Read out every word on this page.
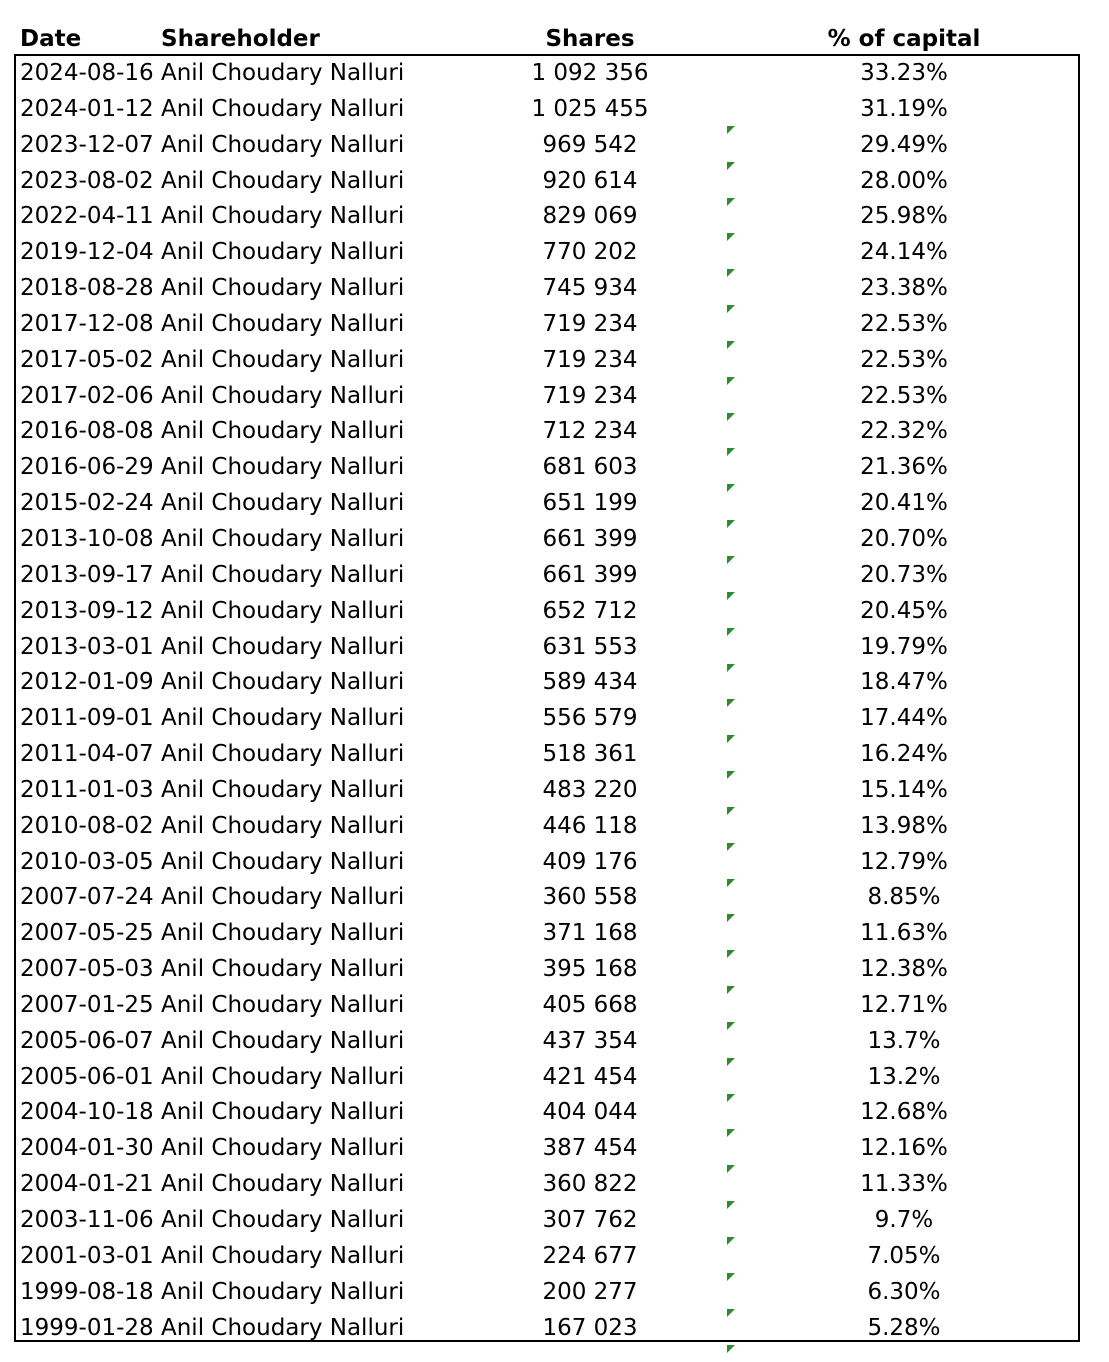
Date	Shareholder	Shares	% of capital
2024-08-16 Anil Choudary Nalluri	1 092 356	33.23%
2024-01-12 Anil Choudary Nalluri	1 025 455	31.19%
2023-12-07 Anil Choudary Nalluri	969 542	29.49%
2023-08-02 Anil Choudary Nalluri	920 614	28.00%
2022-04-11 Anil Choudary Nalluri	829 069	25.98%
2019-12-04 Anil Choudary Nalluri	770 202	24.14%
2018-08-28 Anil Choudary Nalluri	745 934	23.38%
2017-12-08 Anil Choudary Nalluri	719 234	22.53%
2017-05-02 Anil Choudary Nalluri	719 234	22.53%
2017-02-06 Anil Choudary Nalluri	719 234	22.53%
2016-08-08 Anil Choudary Nalluri	712 234	22.32%
2016-06-29 Anil Choudary Nalluri	681 603	21.36%
2015-02-24 Anil Choudary Nalluri	651 199	20.41%
2013-10-08 Anil Choudary Nalluri	661 399	20.70%
2013-09-17 Anil Choudary Nalluri	661 399	20.73%
2013-09-12 Anil Choudary Nalluri	652 712	20.45%
2013-03-01 Anil Choudary Nalluri	631 553	19.79%
2012-01-09 Anil Choudary Nalluri	589 434	18.47%
2011-09-01 Anil Choudary Nalluri	556 579	17.44%
2011-04-07 Anil Choudary Nalluri	518 361	16.24%
2011-01-03 Anil Choudary Nalluri	483 220	15.14%
2010-08-02 Anil Choudary Nalluri	446 118	13.98%
2010-03-05 Anil Choudary Nalluri	409 176	12.79%
2007-07-24 Anil Choudary Nalluri	360 558	8.85%
2007-05-25 Anil Choudary Nalluri	371 168	11.63%
2007-05-03 Anil Choudary Nalluri	395 168	12.38%
2007-01-25 Anil Choudary Nalluri	405 668	12.71%
2005-06-07 Anil Choudary Nalluri	437 354	13.7%
2005-06-01 Anil Choudary Nalluri	421 454	13.2%
2004-10-18 Anil Choudary Nalluri	404 044	12.68%
2004-01-30 Anil Choudary Nalluri	387 454	12.16%
2004-01-21 Anil Choudary Nalluri	360 822	11.33%
2003-11-06 Anil Choudary Nalluri	307 762	9.7%
2001-03-01 Anil Choudary Nalluri	224 677	7.05%
1999-08-18 Anil Choudary Nalluri	200 277	6.30%
1999-01-28 Anil Choudary Nalluri	167 023	5.28%
